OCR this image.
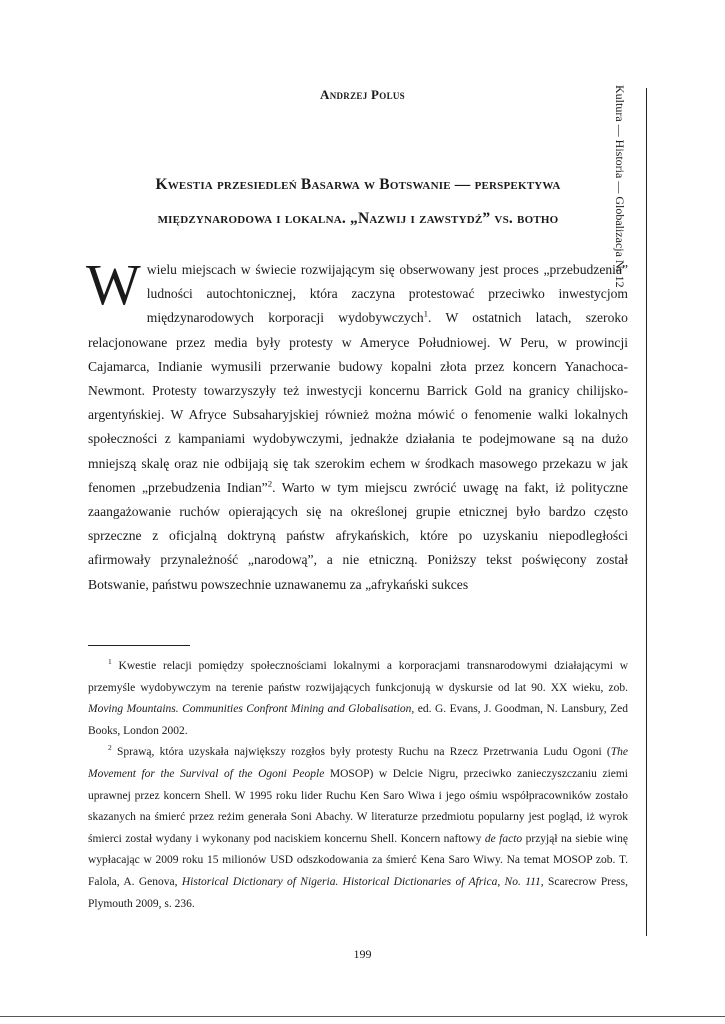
Andrzej Polus	Kultura — Historia — Globalizacja Nr 12
Kwestia przesiedleń Basarwa w Botswanie — perspektywa
międzynarodowa i lokalna. „Nazwij i zawstydź” vs. botho

Wwielu miejscach w świecie rozwijającym się obserwowany jest proces „przebudzenia” ludności autochtonicznej, która zaczyna protestować przeciwko inwestycjom międzynarodowych korporacji wydobywczych$^1$. W ostatnich latach, szeroko relacjonowane przez media były protesty w Ameryce Południowej. W Peru, w prowincji Cajamarca, Indianie wymusili przerwanie budowy kopalni złota przez koncern Yanachoca-Newmont. Protesty towarzyszyły też inwestycji koncernu Barrick Gold na granicy chilijsko-argentyńskiej. W Afryce Subsaharyjskiej również można mówić o fenomenie walki lokalnych społeczności z kampaniami wydobywczymi, jednakże działania te podejmowane są na dużo mniejszą skalę oraz nie odbijają się tak szerokim echem w środkach masowego przekazu w jak fenomen „przebudzenia Indian”$^2$. Warto w tym miejscu zwrócić uwagę na fakt, iż polityczne zaangażowanie ruchów opierających się na określonej grupie etnicznej było bardzo często sprzeczne z oficjalną doktryną państw afrykańskich, które po uzyskaniu niepodległości afirmowały przynależność „narodową”, a nie etniczną. Poniższy tekst poświęcony został Botswanie, państwu powszechnie uznawanemu za „afrykański sukces

$^1$ Kwestie relacji pomiędzy społecznościami lokalnymi a korporacjami transnarodowymi działającymi w przemyśle wydobywczym na terenie państw rozwijających funkcjonują w dyskursie od lat 90. XX wieku, zob. Moving Mountains. Communities Confront Mining and Globalisation, ed. G. Evans, J. Goodman, N. Lansbury, Zed Books, London 2002.

$^2$ Sprawą, która uzyskała największy rozgłos były protesty Ruchu na Rzecz Przetrwania Ludu Ogoni (The Movement for the Survival of the Ogoni People MOSOP) w Delcie Nigru, przeciwko zanieczyszczaniu ziemi uprawnej przez koncern Shell. W 1995 roku lider Ruchu Ken Saro Wiwa i jego ośmiu współpracowników zostało skazanych na śmierć przez reżim generała Soni Abachy. W literaturze przedmiotu popularny jest pogląd, iż wyrok śmierci został wydany i wykonany pod naciskiem koncernu Shell. Koncern naftowy de facto przyjął na siebie winę wypłacając w 2009 roku 15 milionów USD odszkodowania za śmierć Kena Saro Wiwy. Na temat MOSOP zob. T. Falola, A. Genova, Historical Dictionary of Nigeria. Historical Dictionaries of Africa, No. 111, Scarecrow Press, Plymouth 2009, s. 236.

199
